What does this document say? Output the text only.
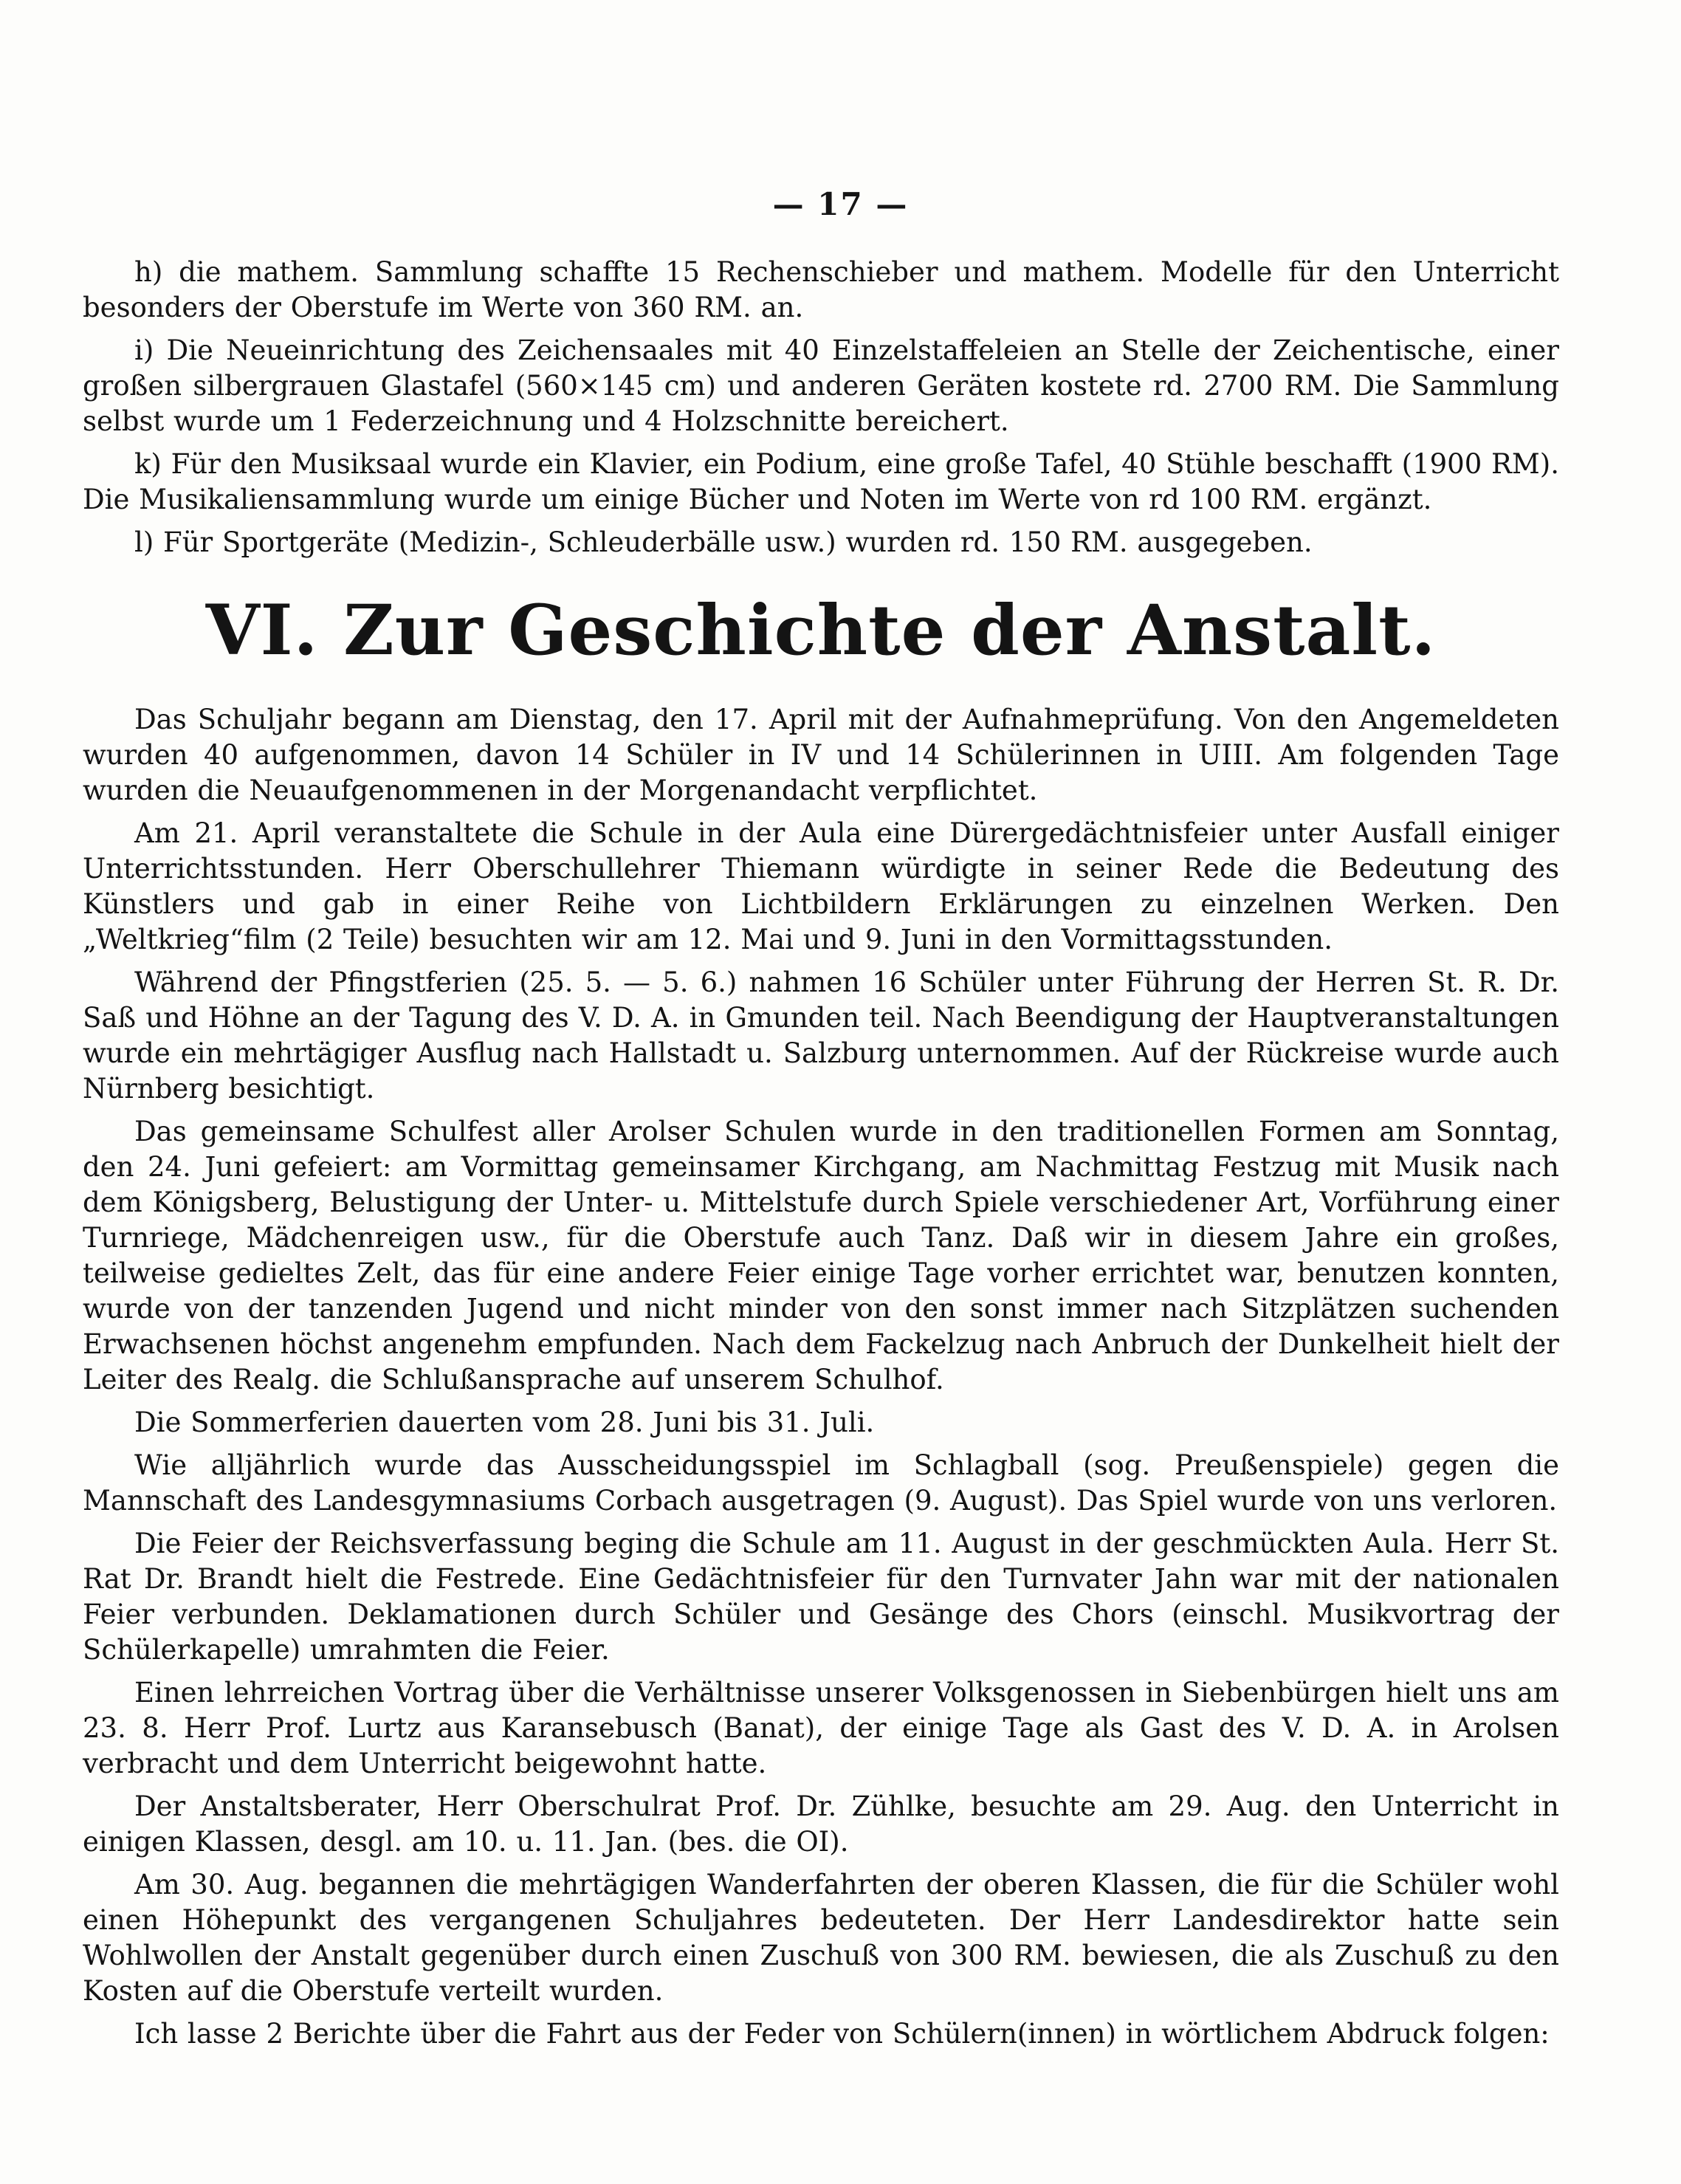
— 17 —

h) die mathem. Sammlung schaffte 15 Rechenschieber und mathem. Modelle für den Unterricht besonders der Oberstufe im Werte von 360 RM. an.

i) Die Neueinrichtung des Zeichensaales mit 40 Einzelstaffeleien an Stelle der Zeichentische, einer großen silbergrauen Glastafel (560×145 cm) und anderen Geräten kostete rd. 2700 RM. Die Sammlung selbst wurde um 1 Federzeichnung und 4 Holzschnitte bereichert.

k) Für den Musiksaal wurde ein Klavier, ein Podium, eine große Tafel, 40 Stühle beschafft (1900 RM). Die Musikaliensammlung wurde um einige Bücher und Noten im Werte von rd 100 RM. ergänzt.

l) Für Sportgeräte (Medizin-, Schleuderbälle usw.) wurden rd. 150 RM. ausgegeben.

VI. Zur Geschichte der Anstalt.

Das Schuljahr begann am Dienstag, den 17. April mit der Aufnahmeprüfung. Von den Angemeldeten wurden 40 aufgenommen, davon 14 Schüler in IV und 14 Schülerinnen in UIII. Am folgenden Tage wurden die Neuaufgenommenen in der Morgenandacht verpflichtet.

Am 21. April veranstaltete die Schule in der Aula eine Dürergedächtnisfeier unter Ausfall einiger Unterrichtsstunden. Herr Oberschullehrer Thiemann würdigte in seiner Rede die Bedeutung des Künstlers und gab in einer Reihe von Lichtbildern Erklärungen zu einzelnen Werken. Den „Weltkrieg“film (2 Teile) besuchten wir am 12. Mai und 9. Juni in den Vormittagsstunden.

Während der Pfingstferien (25. 5. — 5. 6.) nahmen 16 Schüler unter Führung der Herren St. R. Dr. Saß und Höhne an der Tagung des V. D. A. in Gmunden teil. Nach Beendigung der Hauptveranstaltungen wurde ein mehrtägiger Ausflug nach Hallstadt u. Salzburg unternommen. Auf der Rückreise wurde auch Nürnberg besichtigt.

Das gemeinsame Schulfest aller Arolser Schulen wurde in den traditionellen Formen am Sonntag, den 24. Juni gefeiert: am Vormittag gemeinsamer Kirchgang, am Nachmittag Festzug mit Musik nach dem Königsberg, Belustigung der Unter- u. Mittelstufe durch Spiele verschiedener Art, Vorführung einer Turnriege, Mädchenreigen usw., für die Oberstufe auch Tanz. Daß wir in diesem Jahre ein großes, teilweise gedieltes Zelt, das für eine andere Feier einige Tage vorher errichtet war, benutzen konnten, wurde von der tanzenden Jugend und nicht minder von den sonst immer nach Sitzplätzen suchenden Erwachsenen höchst angenehm empfunden. Nach dem Fackelzug nach Anbruch der Dunkelheit hielt der Leiter des Realg. die Schlußansprache auf unserem Schulhof.

Die Sommerferien dauerten vom 28. Juni bis 31. Juli.

Wie alljährlich wurde das Ausscheidungsspiel im Schlagball (sog. Preußenspiele) gegen die Mannschaft des Landesgymnasiums Corbach ausgetragen (9. August). Das Spiel wurde von uns verloren.

Die Feier der Reichsverfassung beging die Schule am 11. August in der geschmückten Aula. Herr St. Rat Dr. Brandt hielt die Festrede. Eine Gedächtnisfeier für den Turnvater Jahn war mit der nationalen Feier verbunden. Deklamationen durch Schüler und Gesänge des Chors (einschl. Musikvortrag der Schülerkapelle) umrahmten die Feier.

Einen lehrreichen Vortrag über die Verhältnisse unserer Volksgenossen in Siebenbürgen hielt uns am 23. 8. Herr Prof. Lurtz aus Karansebusch (Banat), der einige Tage als Gast des V. D. A. in Arolsen verbracht und dem Unterricht beigewohnt hatte.

Der Anstaltsberater, Herr Oberschulrat Prof. Dr. Zühlke, besuchte am 29. Aug. den Unterricht in einigen Klassen, desgl. am 10. u. 11. Jan. (bes. die OI).

Am 30. Aug. begannen die mehrtägigen Wanderfahrten der oberen Klassen, die für die Schüler wohl einen Höhepunkt des vergangenen Schuljahres bedeuteten. Der Herr Landesdirektor hatte sein Wohlwollen der Anstalt gegenüber durch einen Zuschuß von 300 RM. bewiesen, die als Zuschuß zu den Kosten auf die Oberstufe verteilt wurden.

Ich lasse 2 Berichte über die Fahrt aus der Feder von Schülern(innen) in wörtlichem Abdruck folgen:
